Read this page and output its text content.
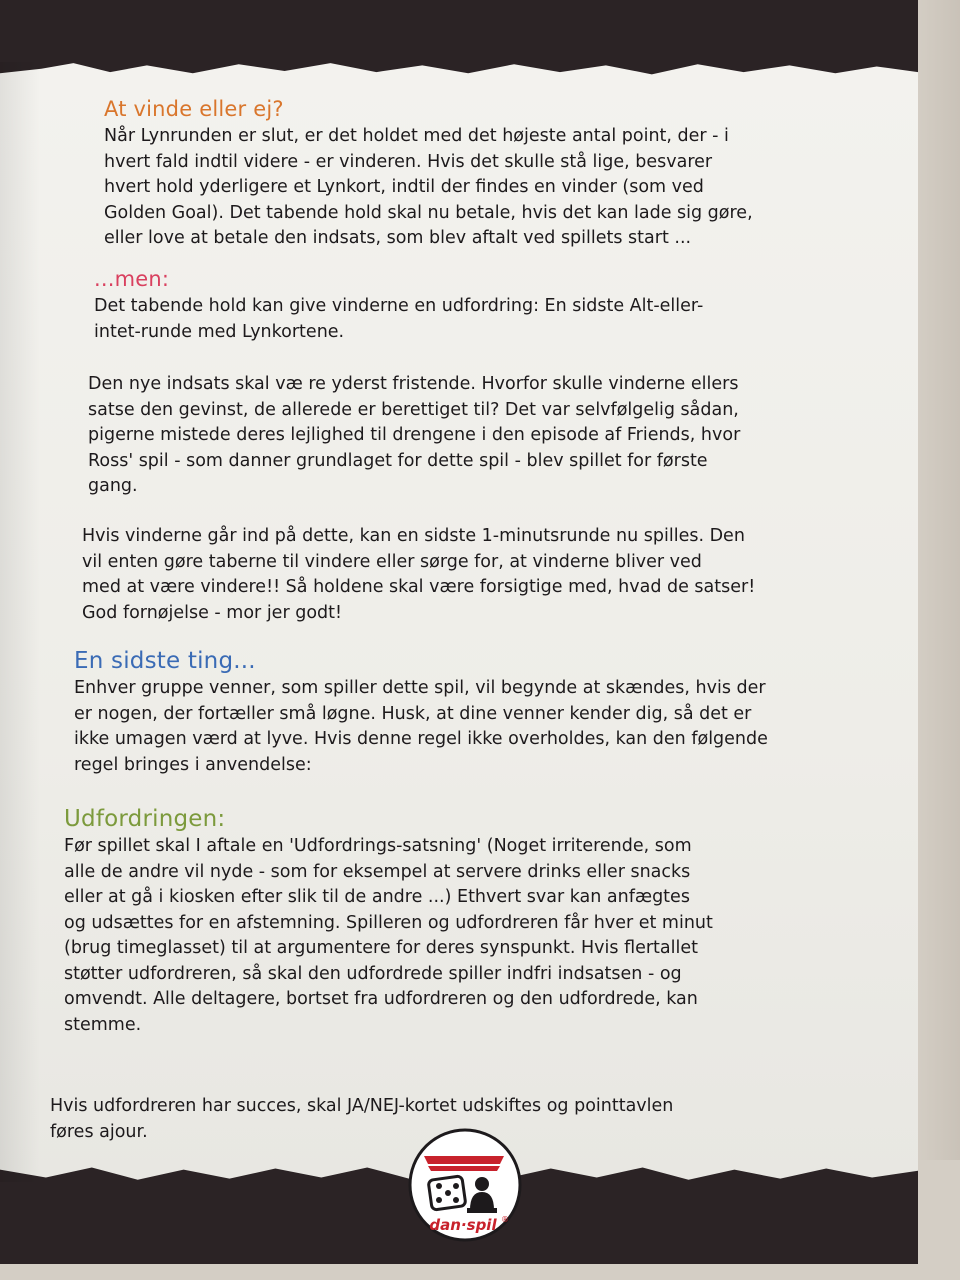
At vinde eller ej?
Når Lynrunden er slut, er det holdet med det højeste antal point, der - i
hvert fald indtil videre - er vinderen. Hvis det skulle stå lige, besvarer
hvert hold yderligere et Lynkort, indtil der findes en vinder (som ved
Golden Goal). Det tabende hold skal nu betale, hvis det kan lade sig gøre,
eller love at betale den indsats, som blev aftalt ved spillets start ...
...men:
Det tabende hold kan give vinderne en udfordring: En sidste Alt-eller-
intet-runde med Lynkortene.
Den nye indsats skal væ re yderst fristende. Hvorfor skulle vinderne ellers
satse den gevinst, de allerede er berettiget til? Det var selvfølgelig sådan,
pigerne mistede deres lejlighed til drengene i den episode af Friends, hvor
Ross' spil - som danner grundlaget for dette spil - blev spillet for første
gang.
Hvis vinderne går ind på dette, kan en sidste 1-minutsrunde nu spilles. Den
vil enten gøre taberne til vindere eller sørge for, at vinderne bliver ved
med at være vindere!! Så holdene skal være forsigtige med, hvad de satser!
God fornøjelse - mor jer godt!
En sidste ting...
Enhver gruppe venner, som spiller dette spil, vil begynde at skændes, hvis der
er nogen, der fortæller små løgne. Husk, at dine venner kender dig, så det er
ikke umagen værd at lyve. Hvis denne regel ikke overholdes, kan den følgende
regel bringes i anvendelse:
Udfordringen:
Før spillet skal I aftale en 'Udfordrings-satsning' (Noget irriterende, som
alle de andre vil nyde - som for eksempel at servere drinks eller snacks
eller at gå i kiosken efter slik til de andre ...) Ethvert svar kan anfægtes
og udsættes for en afstemning. Spilleren og udfordreren får hver et minut
(brug timeglasset) til at argumentere for deres synspunkt. Hvis flertallet
støtter udfordreren, så skal den udfordrede spiller indfri indsatsen - og
omvendt. Alle deltagere, bortset fra udfordreren og den udfordrede, kan
stemme.
Hvis udfordreren har succes, skal JA/NEJ-kortet udskiftes og pointtavlen
føres ajour.
dan·spil ®
